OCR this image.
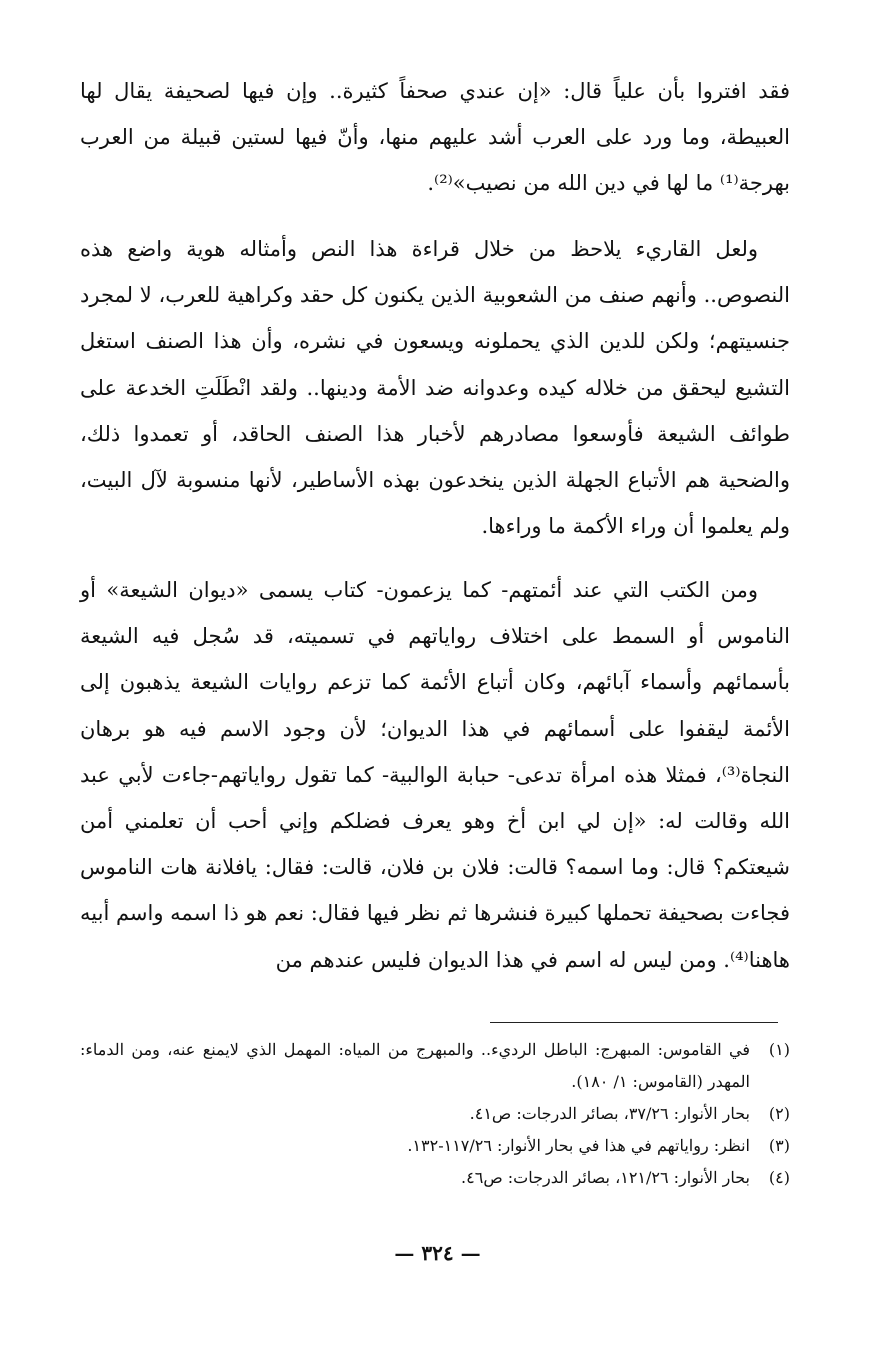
فقد افتروا بأن علياً قال: «إن عندي صحفاً كثيرة.. وإن فيها لصحيفة يقال لها العبيطة، وما ورد على العرب أشد عليهم منها، وأنّ فيها لستين قبيلة من العرب بهرجة⁽¹⁾ ما لها في دين الله من نصيب»⁽²⁾.

ولعل القاريء يلاحظ من خلال قراءة هذا النص وأمثاله هوية واضع هذه النصوص.. وأنهم صنف من الشعوبية الذين يكنون كل حقد وكراهية للعرب، لا لمجرد جنسيتهم؛ ولكن للدين الذي يحملونه ويسعون في نشره، وأن هذا الصنف استغل التشيع ليحقق من خلاله كيده وعدوانه ضد الأمة ودينها.. ولقد انْطَلَتِ الخدعة على طوائف الشيعة فأوسعوا مصادرهم لأخبار هذا الصنف الحاقد، أو تعمدوا ذلك، والضحية هم الأتباع الجهلة الذين ينخدعون بهذه الأساطير، لأنها منسوبة لآل البيت، ولم يعلموا أن وراء الأكمة ما وراءها.

ومن الكتب التي عند أئمتهم- كما يزعمون- كتاب يسمى «ديوان الشيعة» أو الناموس أو السمط على اختلاف رواياتهم في تسميته، قد سُجل فيه الشيعة بأسمائهم وأسماء آبائهم، وكان أتباع الأئمة كما تزعم روايات الشيعة يذهبون إلى الأئمة ليقفوا على أسمائهم في هذا الديوان؛ لأن وجود الاسم فيه هو برهان النجاة⁽³⁾، فمثلا هذه امرأة تدعى- حبابة الوالبية- كما تقول رواياتهم-جاءت لأبي عبد الله وقالت له: «إن لي ابن أخ وهو يعرف فضلكم وإني أحب أن تعلمني أمن شيعتكم؟ قال: وما اسمه؟ قالت: فلان بن فلان، قالت: فقال: يافلانة هات الناموس فجاءت بصحيفة تحملها كبيرة فنشرها ثم نظر فيها فقال: نعم هو ذا اسمه واسم أبيه هاهنا⁽⁴⁾. ومن ليس له اسم في هذا الديوان فليس عندهم من

(١)
في القاموس: المبهرج: الباطل الرديء.. والمبهرج من المياه: المهمل الذي لايمنع عنه، ومن الدماء: المهدر (القاموس: ١/ ١٨٠).
(٢)
بحار الأنوار: ٣٧/٢٦، بصائر الدرجات: ص٤١.
(٣)
انظر: رواياتهم في هذا في بحار الأنوار: ١١٧/٢٦-١٣٢.
(٤)
بحار الأنوار: ١٢١/٢٦، بصائر الدرجات: ص٤٦.
— ٣٢٤ —
